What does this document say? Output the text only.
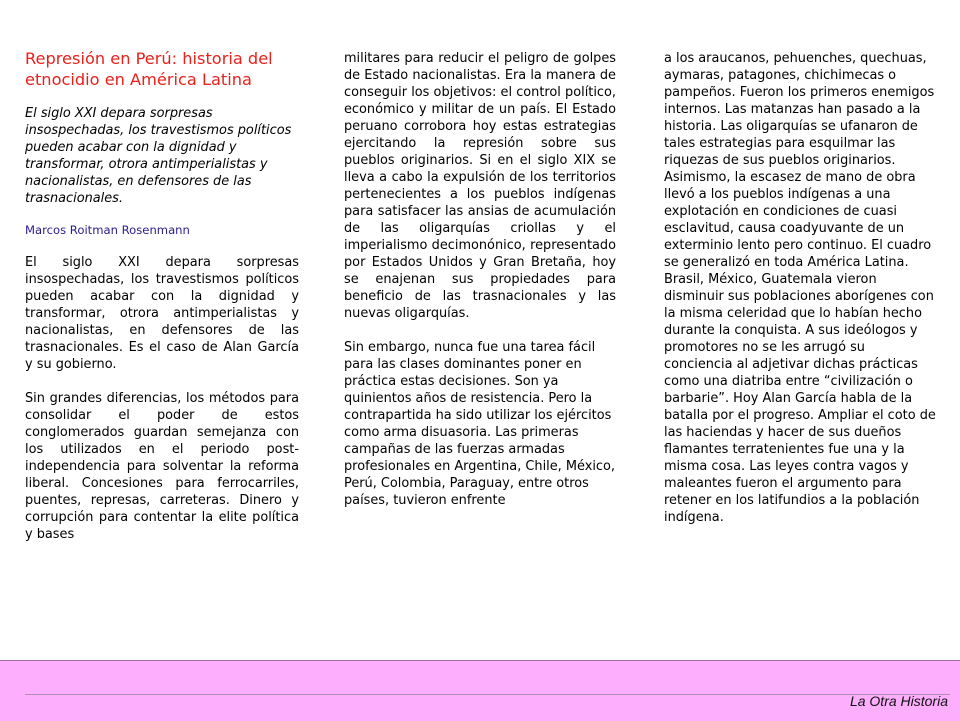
Represión en Perú: historia del etnocidio en América Latina

El siglo XXI depara sorpresas insospechadas, los travestismos políticos pueden acabar con la dignidad y transformar, otrora antimperialistas y nacionalistas, en defensores de las trasnacionales.

Marcos Roitman Rosenmann

El siglo XXI depara sorpresas insospechadas, los travestismos políticos pueden acabar con la dignidad y transformar, otrora antimperialistas y nacionalistas, en defensores de las trasnacionales. Es el caso de Alan García y su gobierno.

Sin grandes diferencias, los métodos para consolidar el poder de estos conglomerados guardan semejanza con los utilizados en el periodo post-independencia para solventar la reforma liberal. Concesiones para ferrocarriles, puentes, represas, carreteras. Dinero y corrupción para contentar la elite política y bases

militares para reducir el peligro de golpes de Estado nacionalistas. Era la manera de conseguir los objetivos: el control político, económico y militar de un país. El Estado peruano corrobora hoy estas estrategias ejercitando la represión sobre sus pueblos originarios. Si en el siglo XIX se lleva a cabo la expulsión de los territorios pertenecientes a los pueblos indígenas para satisfacer las ansias de acumulación de las oligarquías criollas y el imperialismo decimonónico, representado por Estados Unidos y Gran Bretaña, hoy se enajenan sus propiedades para beneficio de las trasnacionales y las nuevas oligarquías.

Sin embargo, nunca fue una tarea fácil para las clases dominantes poner en práctica estas decisiones. Son ya quinientos años de resistencia. Pero la contrapartida ha sido utilizar los ejércitos como arma disuasoria. Las primeras campañas de las fuerzas armadas profesionales en Argentina, Chile, México, Perú, Colombia, Paraguay, entre otros países, tuvieron enfrente

a los araucanos, pehuenches, quechuas, aymaras, patagones, chichimecas o pampeños. Fueron los primeros enemigos internos. Las matanzas han pasado a la historia. Las oligarquías se ufanaron de tales estrategias para esquilmar las riquezas de sus pueblos originarios. Asimismo, la escasez de mano de obra llevó a los pueblos indígenas a una explotación en condiciones de cuasi esclavitud, causa coadyuvante de un exterminio lento pero continuo. El cuadro se generalizó en toda América Latina. Brasil, México, Guatemala vieron disminuir sus poblaciones aborígenes con la misma celeridad que lo habían hecho durante la conquista. A sus ideólogos y promotores no se les arrugó su conciencia al adjetivar dichas prácticas como una diatriba entre “civilización o barbarie”. Hoy Alan García habla de la batalla por el progreso. Ampliar el coto de las haciendas y hacer de sus dueños flamantes terratenientes fue una y la misma cosa. Las leyes contra vagos y maleantes fueron el argumento para retener en los latifundios a la población indígena.

La Otra Historia
